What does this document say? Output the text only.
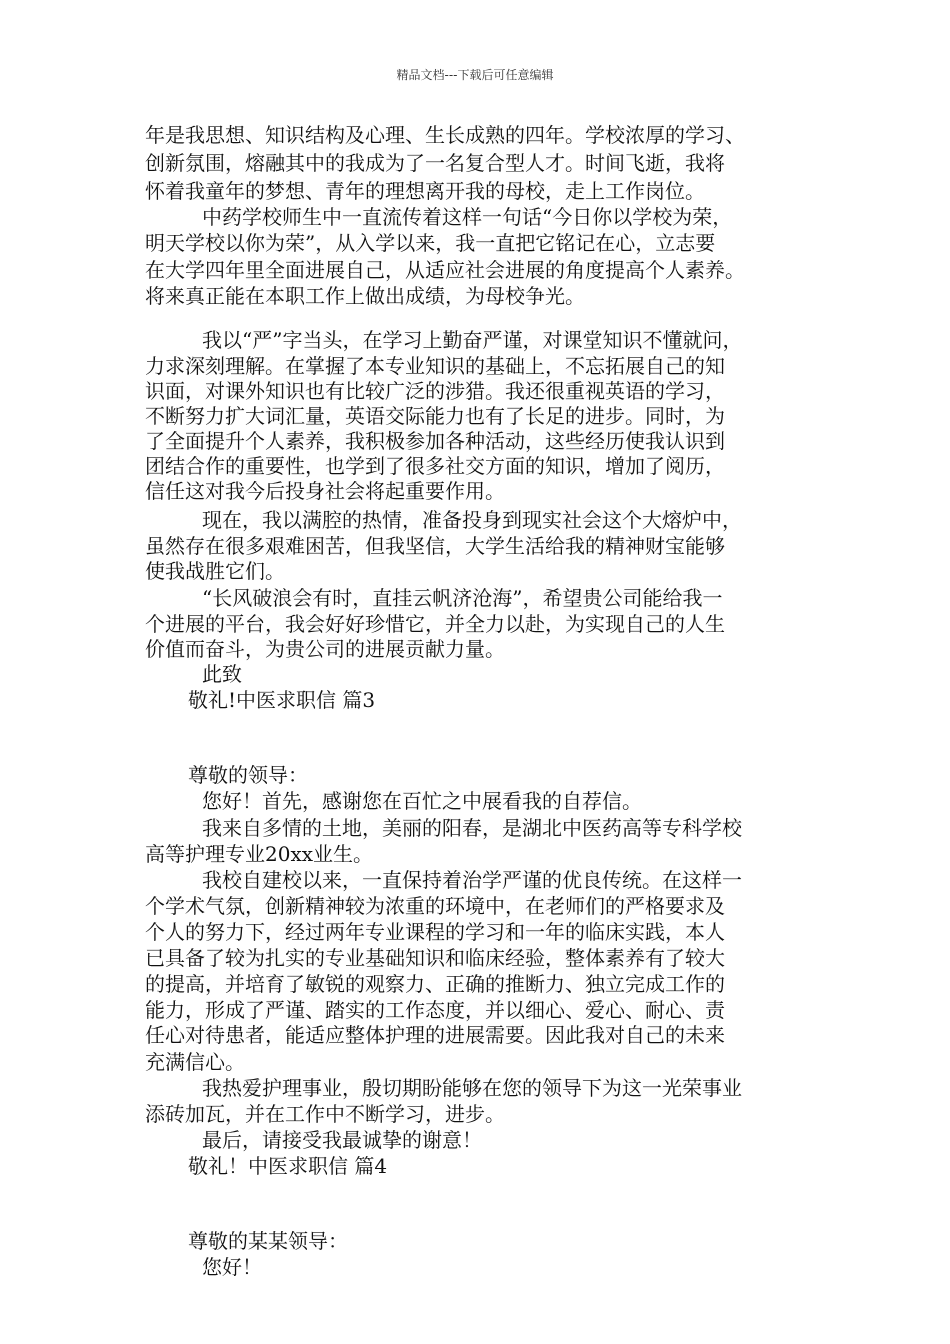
精品文档---下载后可任意编辑
年是我思想、知识结构及心理、生长成熟的四年。学校浓厚的学习、
创新氛围，熔融其中的我成为了一名复合型人才。时间飞逝，我将
怀着我童年的梦想、青年的理想离开我的母校，走上工作岗位。
中药学校师生中一直流传着这样一句话“今日你以学校为荣，
明天学校以你为荣”，从入学以来，我一直把它铭记在心，立志要
在大学四年里全面进展自己，从适应社会进展的角度提高个人素养。
将来真正能在本职工作上做出成绩，为母校争光。
我以“严”字当头，在学习上勤奋严谨，对课堂知识不懂就问，
力求深刻理解。在掌握了本专业知识的基础上，不忘拓展自己的知
识面，对课外知识也有比较广泛的涉猎。我还很重视英语的学习，
不断努力扩大词汇量，英语交际能力也有了长足的进步。同时，为
了全面提升个人素养，我积极参加各种活动，这些经历使我认识到
团结合作的重要性，也学到了很多社交方面的知识，增加了阅历，
信任这对我今后投身社会将起重要作用。
现在，我以满腔的热情，准备投身到现实社会这个大熔炉中，
虽然存在很多艰难困苦，但我坚信，大学生活给我的精神财宝能够
使我战胜它们。
“长风破浪会有时，直挂云帆济沧海”，希望贵公司能给我一
个进展的平台，我会好好珍惜它，并全力以赴，为实现自己的人生
价值而奋斗，为贵公司的进展贡献力量。
此致
敬礼!中医求职信 篇3
尊敬的领导：
您好！首先，感谢您在百忙之中展看我的自荐信。
我来自多情的土地，美丽的阳春，是湖北中医药高等专科学校
高等护理专业20xx业生。
我校自建校以来，一直保持着治学严谨的优良传统。在这样一
个学术气氛，创新精神较为浓重的环境中，在老师们的严格要求及
个人的努力下，经过两年专业课程的学习和一年的临床实践，本人
已具备了较为扎实的专业基础知识和临床经验，整体素养有了较大
的提高，并培育了敏锐的观察力、正确的推断力、独立完成工作的
能力，形成了严谨、踏实的工作态度，并以细心、爱心、耐心、责
任心对待患者，能适应整体护理的进展需要。因此我对自己的未来
充满信心。
我热爱护理事业，殷切期盼能够在您的领导下为这一光荣事业
添砖加瓦，并在工作中不断学习，进步。
最后，请接受我最诚挚的谢意！
敬礼！中医求职信 篇4
尊敬的某某领导：
您好！
